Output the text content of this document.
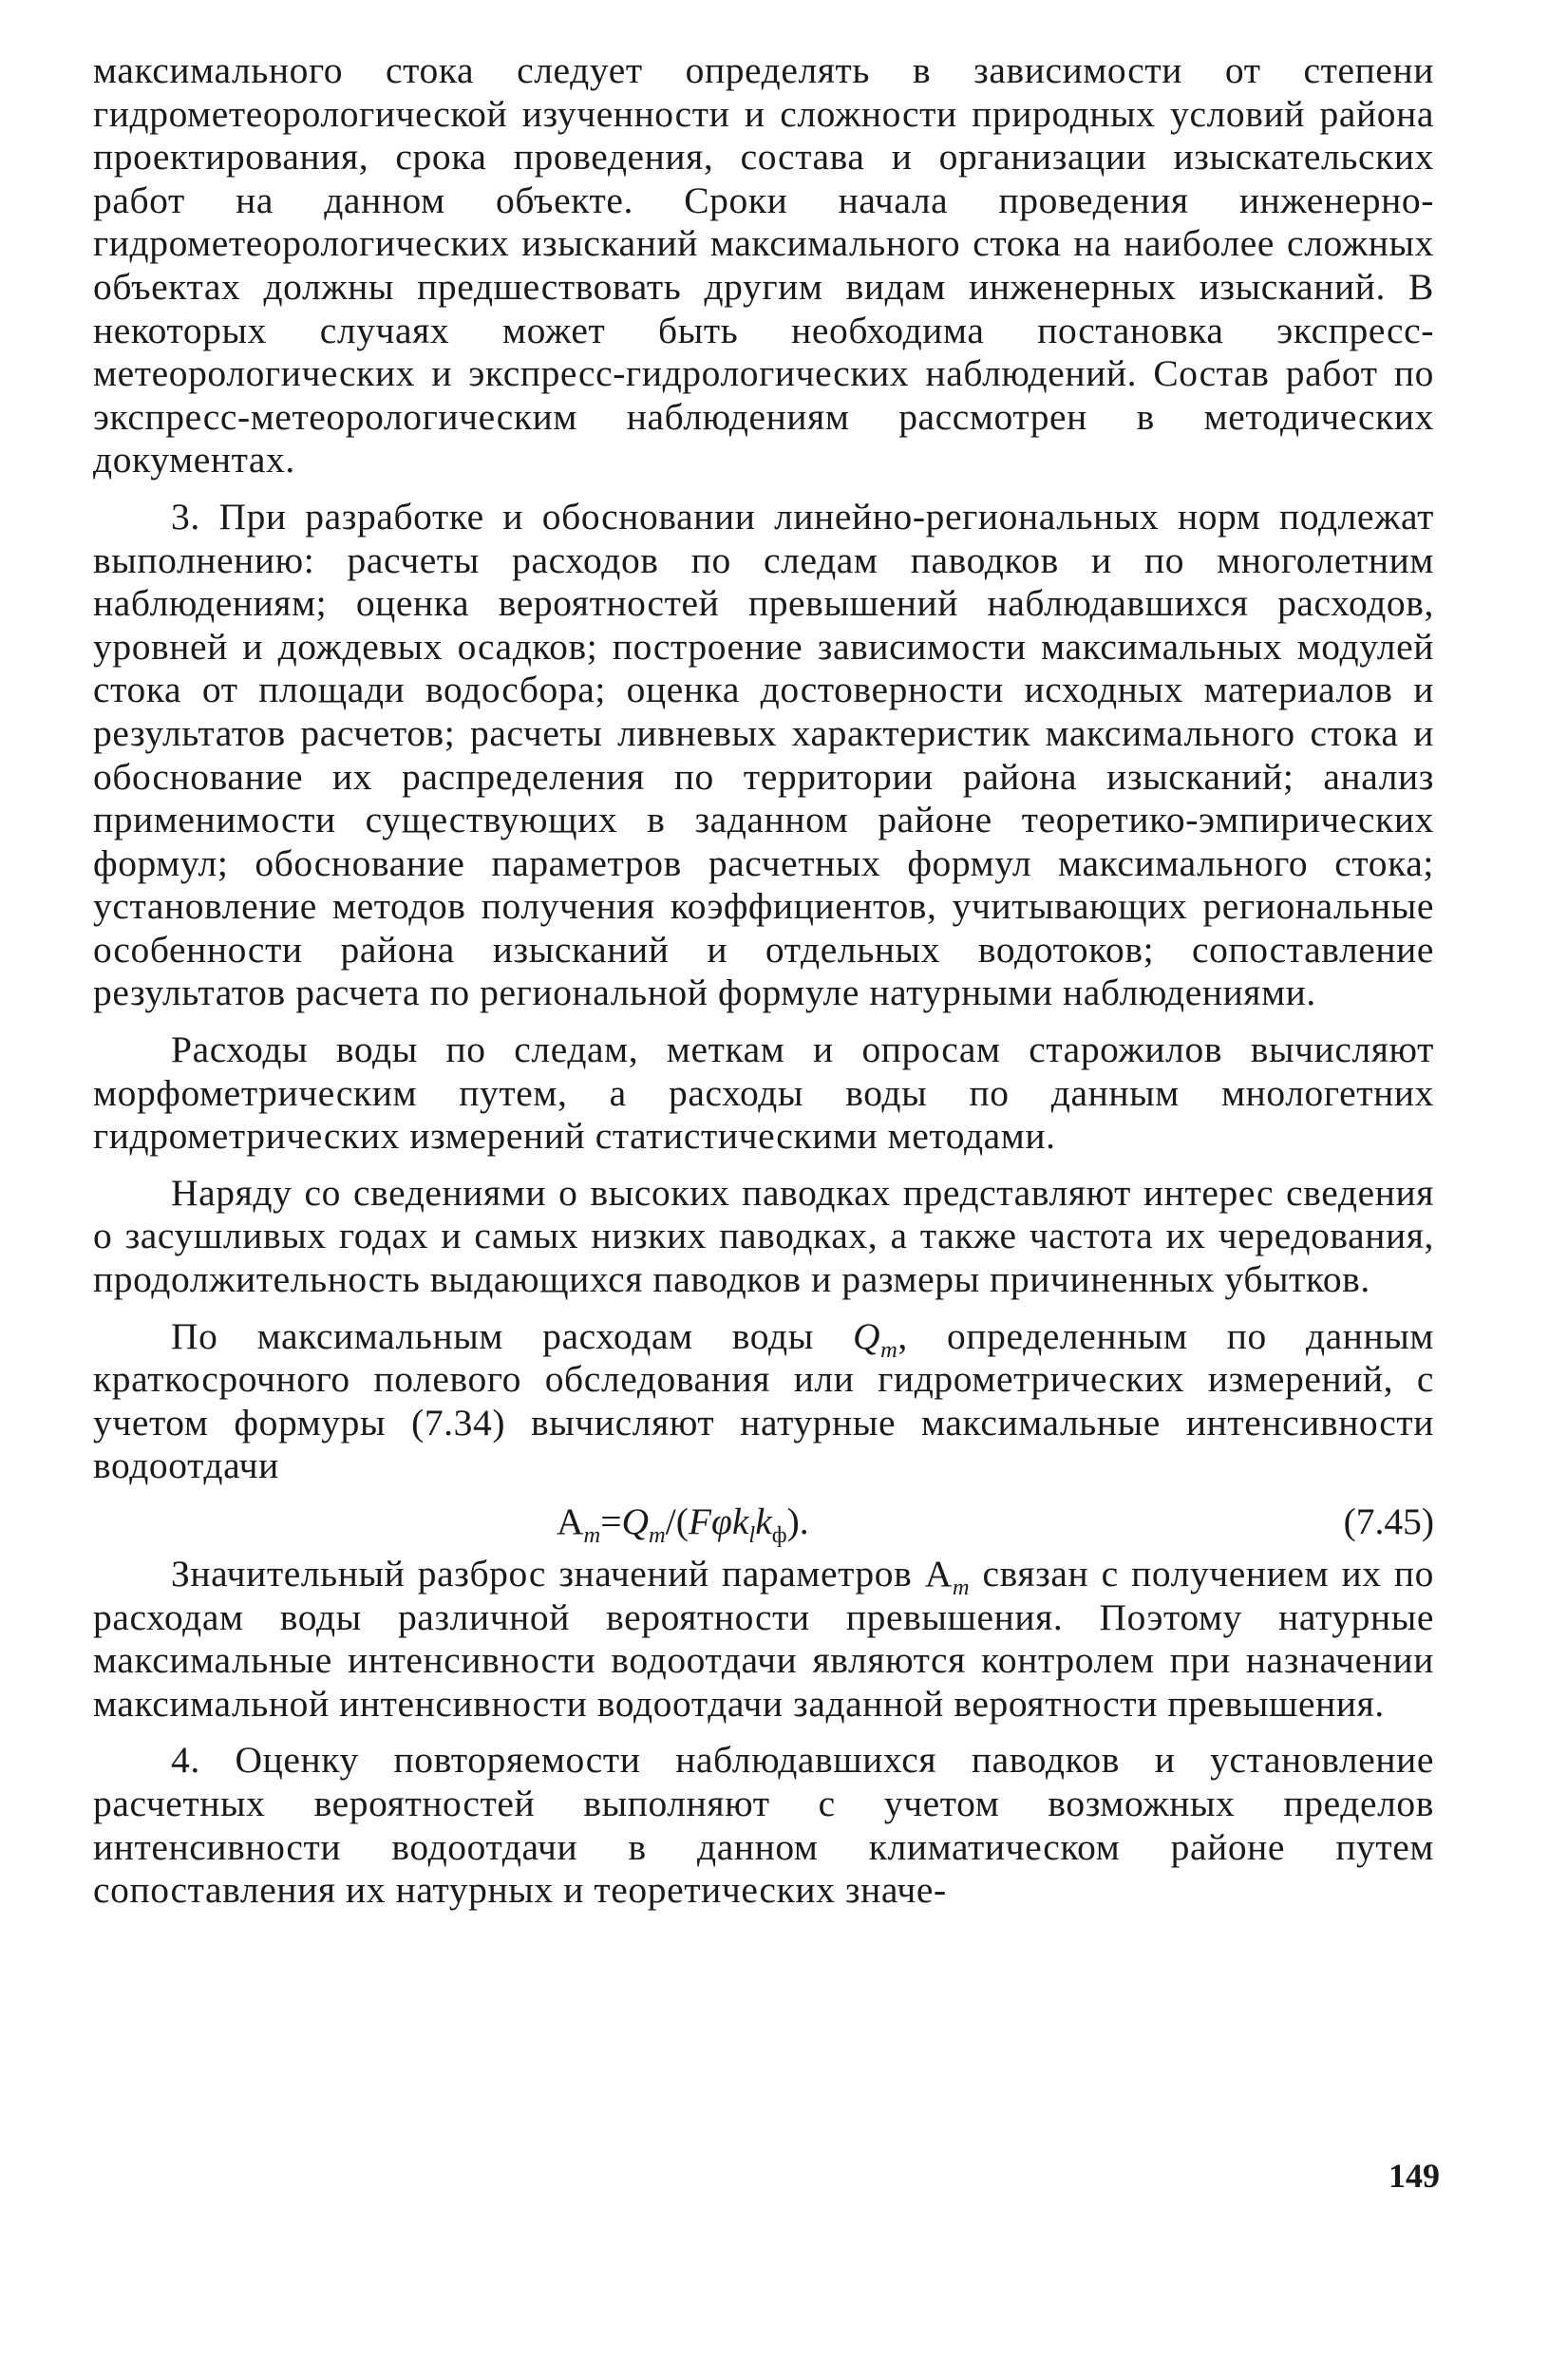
максимального стока следует определять в зависимости от степени гидрометеорологической изученности и сложности природных условий района проектирования, срока проведения, состава и организации изыскательских работ на данном объекте. Сроки начала проведения инженерно-гидрометеорологических изысканий максимального стока на наиболее сложных объектах должны предшествовать другим видам инженерных изысканий. В некоторых случаях может быть необходима постановка экспресс-метеорологических и экспресс-гидрологических наблюдений. Состав работ по экспресс-метеорологическим наблюдениям рассмотрен в методических документах.

3. При разработке и обосновании линейно-региональных норм подлежат выполнению: расчеты расходов по следам паводков и по многолетним наблюдениям; оценка вероятностей превышений наблюдавшихся расходов, уровней и дождевых осадков; построение зависимости максимальных модулей стока от площади водосбора; оценка достоверности исходных материалов и результатов расчетов; расчеты ливневых характеристик максимального стока и обоснование их распределения по территории района изысканий; анализ применимости существующих в заданном районе теоретико-эмпирических формул; обоснование параметров расчетных формул максимального стока; установление методов получения коэффициентов, учитывающих региональные особенности района изысканий и отдельных водотоков; сопоставление результатов расчета по региональной формуле натурными наблюдениями.

Расходы воды по следам, меткам и опросам старожилов вычисляют морфометрическим путем, а расходы воды по данным мнологетних гидрометрических измерений статистическими методами.

Наряду со сведениями о высоких паводках представляют интерес сведения о засушливых годах и самых низких паводках, а также частота их чередования, продолжительность выдающихся паводков и размеры причиненных убытков.

По максимальным расходам воды $Q_m$, определенным по данным краткосрочного полевого обследования или гидрометрических измерений, с учетом формуры (7.34) вычисляют натурные максимальные интенсивности водоотдачи

$A_m=Q_m/(F\varphi k_lk_ф)$.	(7.45)

Значительный разброс значений параметров $A_m$ связан с получением их по расходам воды различной вероятности превышения. Поэтому натурные максимальные интенсивности водоотдачи являются контролем при назначении максимальной интенсивности водоотдачи заданной вероятности превышения.

4. Оценку повторяемости наблюдавшихся паводков и установление расчетных вероятностей выполняют с учетом возможных пределов интенсивности водоотдачи в данном климатическом районе путем сопоставления их натурных и теоретических значе-

149
